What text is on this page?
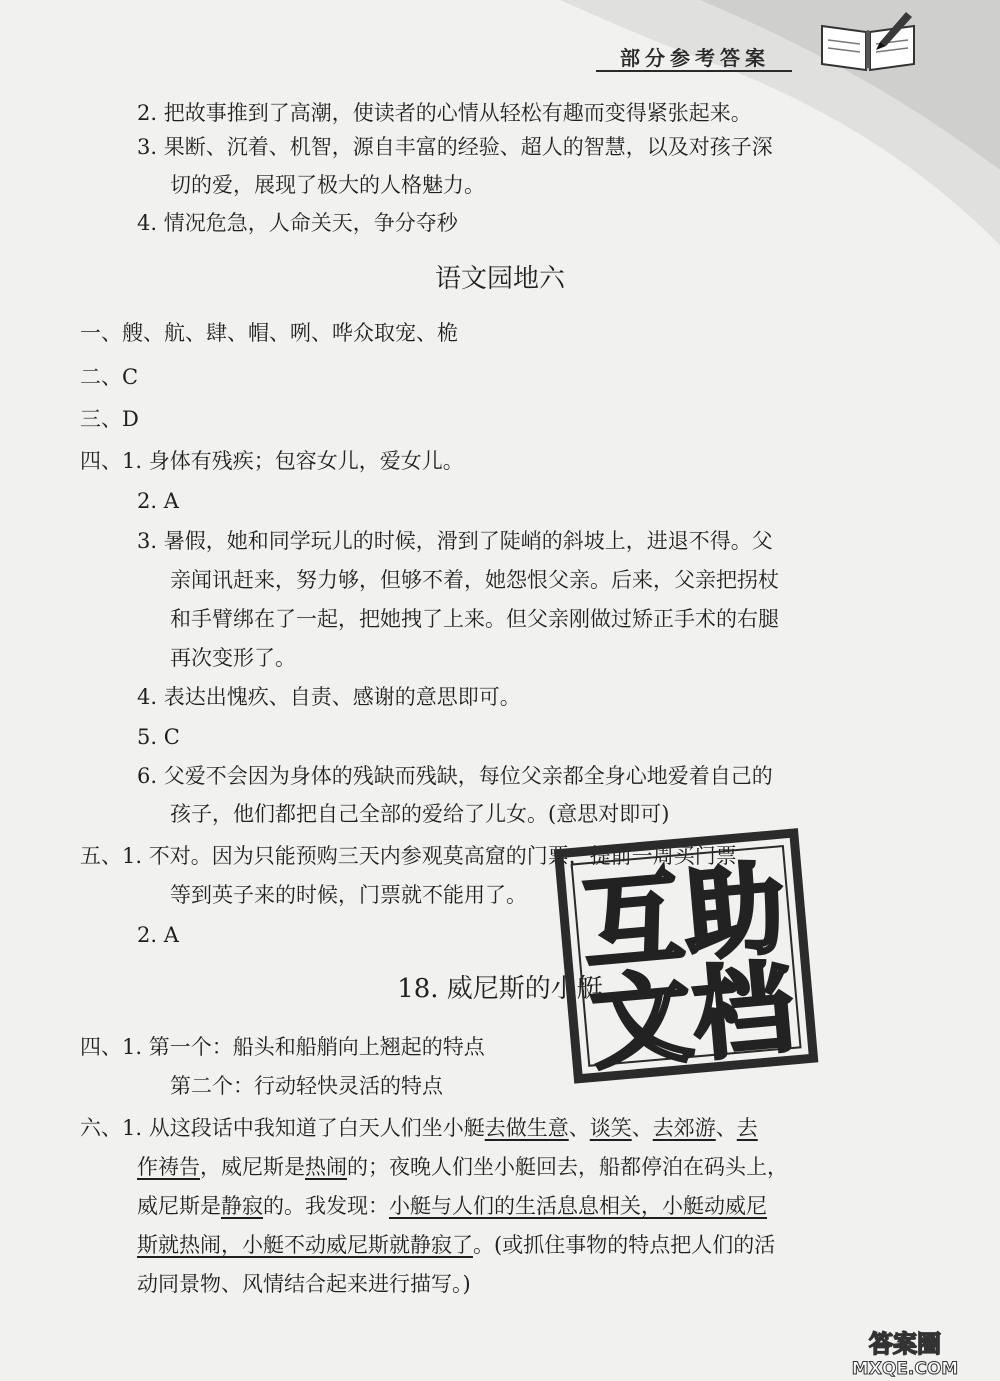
部分参考答案
2. 把故事推到了高潮，使读者的心情从轻松有趣而变得紧张起来。
3. 果断、沉着、机智，源自丰富的经验、超人的智慧，以及对孩子深
切的爱，展现了极大的人格魅力。
4. 情况危急，人命关天，争分夺秒
语文园地六
一、艘、航、肆、帽、咧、哗众取宠、桅
二、C
三、D
四、1. 身体有残疾；包容女儿，爱女儿。
2. A
3. 暑假，她和同学玩儿的时候，滑到了陡峭的斜坡上，进退不得。父
亲闻讯赶来，努力够，但够不着，她怨恨父亲。后来，父亲把拐杖
和手臂绑在了一起，把她拽了上来。但父亲刚做过矫正手术的右腿
再次变形了。
4. 表达出愧疚、自责、感谢的意思即可。
5. C
6. 父爱不会因为身体的残缺而残缺，每位父亲都全身心地爱着自己的
孩子，他们都把自己全部的爱给了儿女。(意思对即可)
五、1. 不对。因为只能预购三天内参观莫高窟的门票，提前一周买门票，
等到英子来的时候，门票就不能用了。
2. A
18. 威尼斯的小艇
四、1. 第一个：船头和船艄向上翘起的特点
第二个：行动轻快灵活的特点
六、1. 从这段话中我知道了白天人们坐小艇去做生意、谈笑、去郊游、去
作祷告，威尼斯是热闹的；夜晚人们坐小艇回去，船都停泊在码头上，
威尼斯是静寂的。我发现：小艇与人们的生活息息相关，小艇动威尼
斯就热闹，小艇不动威尼斯就静寂了。(或抓住事物的特点把人们的活
动同景物、风情结合起来进行描写。)
互
助
文
档
答案圈
MXQE.COM
